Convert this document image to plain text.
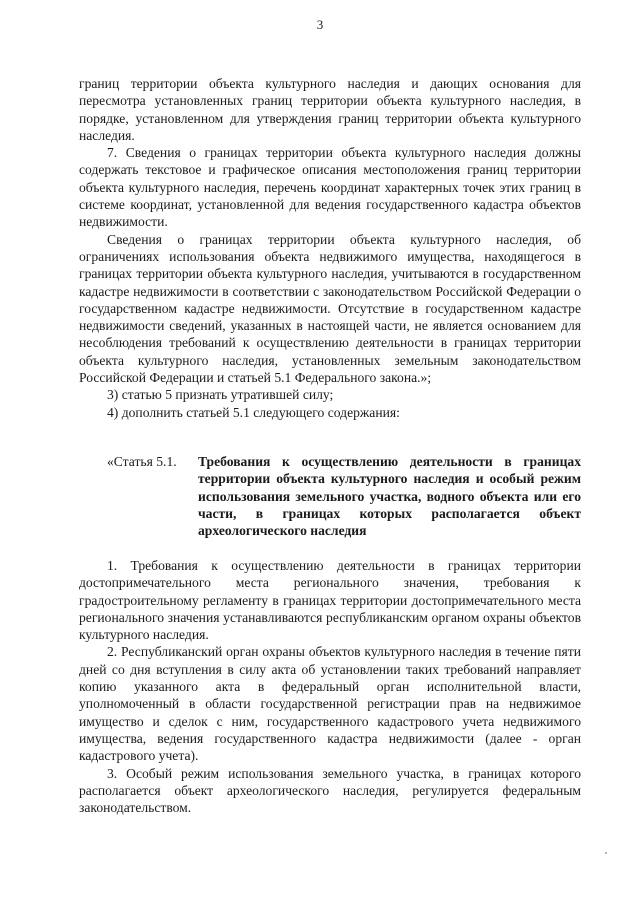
3

границ территории объекта культурного наследия и дающих основания для пересмотра установленных границ территории объекта культурного наследия, в порядке, установленном для утверждения границ территории объекта культурного наследия.

7. Сведения о границах территории объекта культурного наследия должны содержать текстовое и графическое описания местоположения границ территории объекта культурного наследия, перечень координат характерных точек этих границ в системе координат, установленной для ведения государственного кадастра объектов недвижимости.

Сведения о границах территории объекта культурного наследия, об ограничениях использования объекта недвижимого имущества, находящегося в границах территории объекта культурного наследия, учитываются в государственном кадастре недвижимости в соответствии с законодательством Российской Федерации о государственном кадастре недвижимости. Отсутствие в государственном кадастре недвижимости сведений, указанных в настоящей части, не является основанием для несоблюдения требований к осуществлению деятельности в границах территории объекта культурного наследия, установленных земельным законодательством Российской Федерации и статьей 5.1 Федерального закона.»;

3) статью 5 признать утратившей силу;

4) дополнить статьей 5.1 следующего содержания:

«Статья 5.1. Требования к осуществлению деятельности в границах территории объекта культурного наследия и особый режим использования земельного участка, водного объекта или его части, в границах которых располагается объект археологического наследия

1. Требования к осуществлению деятельности в границах территории достопримечательного места регионального значения, требования к градостроительному регламенту в границах территории достопримечательного места регионального значения устанавливаются республиканским органом охраны объектов культурного наследия.

2. Республиканский орган охраны объектов культурного наследия в течение пяти дней со дня вступления в силу акта об установлении таких требований направляет копию указанного акта в федеральный орган исполнительной власти, уполномоченный в области государственной регистрации прав на недвижимое имущество и сделок с ним, государственного кадастрового учета недвижимого имущества, ведения государственного кадастра недвижимости (далее - орган кадастрового учета).

3. Особый режим использования земельного участка, в границах которого располагается объект археологического наследия, регулируется федеральным законодательством.
